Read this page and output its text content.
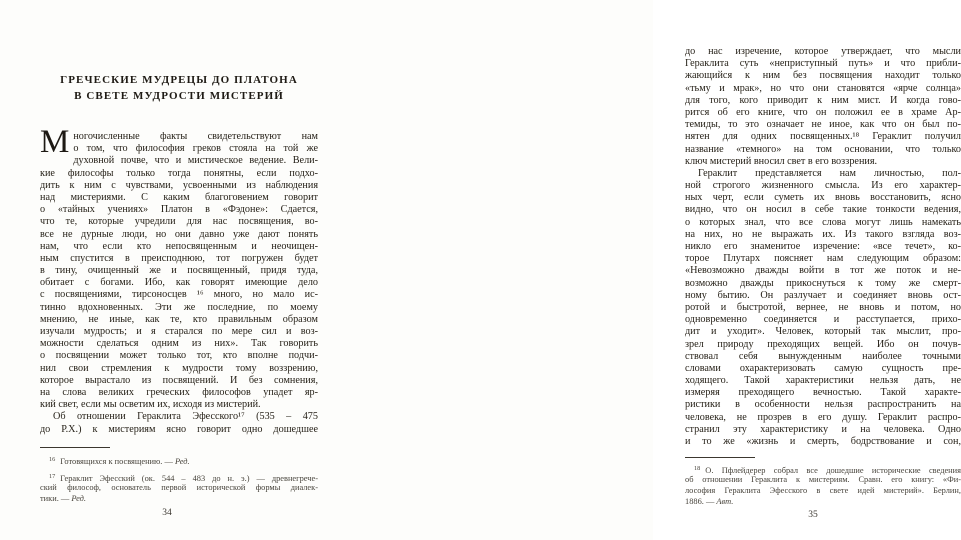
ГРЕЧЕСКИЕ МУДРЕЦЫ ДО ПЛАТОНА
В СВЕТЕ МУДРОСТИ МИСТЕРИЙ
М ногочисленные факты свидетельствуют нам
о том, что философия греков стояла на той же
духовной почве, что и мистическое ведение. Вели-
кие философы только тогда понятны, если подхо-
дить к ним с чувствами, усвоенными из наблюдения
над мистериями. С каким благоговением говорит
о «тайных учениях» Платон в «Фэдоне»: Сдается,
что те, которые учредили для нас посвящения, во-
все не дурные люди, но они давно уже дают понять
нам, что если кто непосвященным и неочищен-
ным спустится в преисподнюю, тот погружен будет
в тину, очищенный же и посвященный, придя туда,
обитает с богами. Ибо, как говорят имеющие дело
с посвящениями, тирсоносцев ¹⁶ много, но мало ис-
тинно вдохновенных. Эти же последние, по моему
мнению, не иные, как те, кто правильным образом
изучали мудрость; и я старался по мере сил и воз-
можности сделаться одним из них». Так говорить
о посвящении может только тот, кто вполне подчи-
нил свои стремления к мудрости тому воззрению,
которое вырастало из посвящений. И без сомнения,
на слова великих греческих философов упадет яр-
кий свет, если мы осветим их, исходя из мистерий.
Об отношении Гераклита Эфесского¹⁷ (535 – 475
до Р.Х.) к мистериям ясно говорит одно дошедшее
$^{16}$ Готовящихся к посвящению. — Ред.
$^{17}$ Гераклит Эфесский (ок. 544 – 483 до н. э.) — древнегрече-
ский философ, основатель первой исторической формы диалек-
тики. — Ред.
34
до нас изречение, которое утверждает, что мысли
Гераклита суть «неприступный путь» и что прибли-
жающийся к ним без посвящения находит только
«тьму и мрак», но что они становятся «ярче солнца»
для того, кого приводит к ним мист. И когда гово-
рится об его книге, что он положил ее в храме Ар-
темиды, то это означает не иное, как что он был по-
нятен для одних посвященных.¹⁸ Гераклит получил
название «темного» на том основании, что только
ключ мистерий вносил свет в его воззрения.
Гераклит представляется нам личностью, пол-
ной строгого жизненного смысла. Из его характер-
ных черт, если суметь их вновь восстановить, ясно
видно, что он носил в себе такие тонкости ведения,
о которых знал, что все слова могут лишь намекать
на них, но не выражать их. Из такого взгляда воз-
никло его знаменитое изречение: «все течет», ко-
торое Плутарх поясняет нам следующим образом:
«Невозможно дважды войти в тот же поток и не-
возможно дважды прикоснуться к тому же смерт-
ному бытию. Он разлучает и соединяет вновь ост-
ротой и быстротой, вернее, не вновь и потом, но
одновременно соединяется и расступается, прихо-
дит и уходит». Человек, который так мыслит, про-
зрел природу преходящих вещей. Ибо он почув-
ствовал себя вынужденным наиболее точными
словами охарактеризовать самую сущность пре-
ходящего. Такой характеристики нельзя дать, не
измеряя преходящего вечностью. Такой характе-
ристики в особенности нельзя распространить на
человека, не прозрев в его душу. Гераклит распро-
странил эту характеристику и на человека. Одно
и то же «жизнь и смерть, бодрствование и сон,
$^{18}$ О. Пфлейдерер собрал все дошедшие исторические сведения
об отношении Гераклита к мистериям. Сравн. его книгу: «Фи-
лософия Гераклита Эфесского в свете идей мистерий». Берлин,
1886. — Авт.
35
